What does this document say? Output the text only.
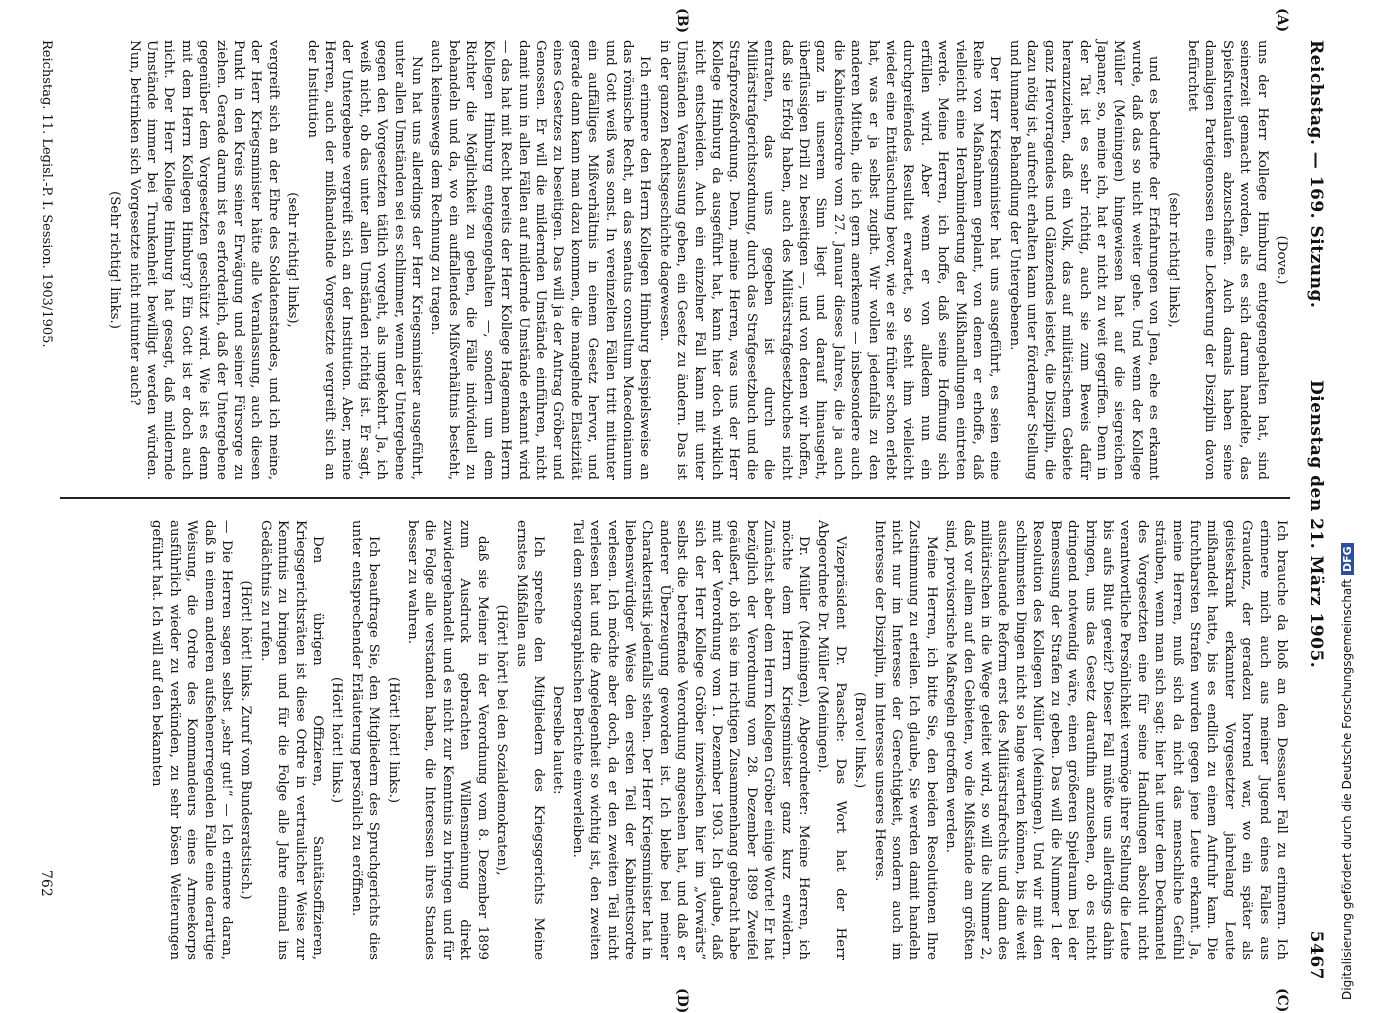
Reichstag. — 169. Sitzung.
Dienstag den 21. März 1905.
5467
(A)
(B)
(C)
(D)

(Dove.)

uns der Herr Kollege Himburg entgegengehalten hat, sind seinerzeit gemacht worden, als es sich darum handelte, das Spießrutenlaufen abzuschaffen. Auch damals haben seine damaligen Parteigenossen eine Lockerung der Disziplin davon befürchtet

(sehr richtig! links),

und es bedurfte der Erfahrungen von Jena, ehe es erkannt wurde, daß das so nicht weiter gehe. Und wenn der Kollege Müller (Meiningen) hingewiesen hat auf die siegreichen Japaner, so, meine ich, hat er nicht zu weit gegriffen. Denn in der Tat ist es sehr richtig, auch sie zum Beweis dafür heranzuziehen, daß ein Volk, das auf militärischem Gebiete ganz Hervorragendes und Glänzendes leistet, die Disziplin, die dazu nötig ist, aufrecht erhalten kann unter fördernder Stellung und humaner Behandlung der Untergebenen.

Der Herr Kriegsminister hat uns ausgeführt, es seien eine Reihe von Maßnahmen geplant, von denen er erhoffe, daß vielleicht eine Herabminderung der Mißhandlungen eintreten werde. Meine Herren, ich hoffe, daß seine Hoffnung sich erfüllen wird. Aber wenn er von alledem nun ein durchgreifendes Resultat erwartet, so steht ihm vielleicht wieder eine Enttäuschung bevor, wie er sie früher schon erlebt hat, was er ja selbst zugibt. Wir wollen jedenfalls zu den anderen Mitteln, die ich gern anerkenne — insbesondere auch die Kabinettsordre vom 27. Januar dieses Jahres, die ja auch ganz in unserem Sinn liegt und darauf hinausgeht, überflüssigen Drill zu beseitigen —, und von denen wir hoffen, daß sie Erfolg haben, auch des Militärstrafgesetzbuches nicht entraten, das uns gegeben ist durch die Militärstrafgerichtsordnung, durch das Strafgesetzbuch und die Strafprozeßordnung. Denn, meine Herren, was uns der Herr Kollege Himburg da ausgeführt hat, kann hier doch wirklich nicht entscheiden. Auch ein einzelner Fall kann mit unter Umständen Veranlassung geben, ein Gesetz zu ändern. Das ist in der ganzen Rechtsgeschichte dagewesen.

Ich erinnere den Herrn Kollegen Himburg beispielsweise an das römische Recht, an das senatus consultum Macedonianum und Gott weiß was sonst. In vereinzelten Fällen tritt mitunter ein auffälliges Mißverhältnis in einem Gesetz hervor, und gerade dann kann man dazu kommen, die mangelnde Elastizität eines Gesetzes zu beseitigen. Das will ja der Antrag Gröber und Genossen. Er will die mildernden Umstände einführen, nicht damit nun in allen Fällen auf mildernde Umstände erkannt wird — das hat mit Recht bereits der Herr Kollege Hagemann Herrn Kollegen Himburg entgegengehalten —, sondern um dem Richter die Möglichkeit zu geben, die Fälle individuell zu behandeln und da, wo ein auffallendes Mißverhältnis besteht, auch keineswegs dem Rechnung zu tragen.

Nun hat uns allerdings der Herr Kriegsminister ausgeführt, unter allen Umständen sei es schlimmer, wenn der Untergebene gegen den Vorgesetzten tätlich vorgeht, als umgekehrt. Ja, ich weiß nicht, ob das unter allen Umständen richtig ist. Er sagt, der Untergebene vergreift sich an der Institution. Aber, meine Herren, auch der mißhandelnde Vorgesetzte vergreift sich an der Institution

(sehr richtig! links),

vergreift sich an der Ehre des Soldatenstandes, und ich meine, der Herr Kriegsminister hätte alle Veranlassung, auch diesen Punkt in den Kreis seiner Erwägung und seiner Fürsorge zu ziehen. Gerade darum ist es erforderlich, daß der Untergebene gegenüber dem Vorgesetzten geschützt wird. Wie ist es denn mit dem Herrn Kollegen Himburg? Ein Gott ist er doch auch nicht. Der Herr Kollege Himburg hat gesagt, daß mildernde Umstände immer bei Trunkenheit bewilligt werden würden. Nun, betrinken sich Vorgesetzte nicht mitunter auch?

(Sehr richtig! links.)

Ich brauche da bloß an den Dessauer Fall zu erinnern. Ich erinnere mich auch aus meiner Jugend eines Falles aus Graudenz, der geradezu horrend war, wo ein später als geisteskrank erkannter Vorgesetzter jahrelang Leute mißhandelt hatte, bis es endlich zu einem Aufruhr kam. Die furchtbarsten Strafen wurden gegen jene Leute erkannt. Ja, meine Herren, muß sich da nicht das menschliche Gefühl sträuben, wenn man sich sagt: hier hat unter dem Deckmantel des Vorgesetzten eine für seine Handlungen absolut nicht verantwortliche Persönlichkeit vermöge ihrer Stellung die Leute bis aufs Blut gereizt? Dieser Fall müßte uns allerdings dahin bringen, uns das Gesetz daraufhin anzusehen, ob es nicht dringend notwendig wäre, einen größeren Spielraum bei der Bemessung der Strafen zu geben. Das will die Nummer 1 der Resolution des Kollegen Müller (Meiningen). Und wir mit den schlimmsten Dingen nicht so lange warten können, bis die weit ausschauende Reform erst des Militärstrafrechts und dann des militärischen in die Wege geleitet wird, so will die Nummer 2, daß vor allem auf den Gebieten, wo die Mißstände am größten sind, provisorische Maßregeln getroffen werden.

Meine Herren, ich bitte Sie, den beiden Resolutionen Ihre Zustimmung zu erteilen. Ich glaube, Sie werden damit handeln nicht nur im Interesse der Gerechtigkeit, sondern auch im Interesse der Disziplin, im Interesse unseres Heeres.

(Bravo! links.)

Vizepräsident Dr. Paasche: Das Wort hat der Herr Abgeordnete Dr. Müller (Meiningen).

Dr. Müller (Meiningen), Abgeordneter: Meine Herren, ich möchte dem Herrn Kriegsminister ganz kurz erwidern. Zunächst aber dem Herrn Kollegen Gröber einige Worte! Er hat bezüglich der Verordnung vom 28. Dezember 1899 Zweifel geäußert, ob ich sie im richtigen Zusammenhang gebracht habe mit der Verordnung vom 1. Dezember 1903. Ich glaube, daß sich der Herr Kollege Gröber inzwischen hier im „Vorwärts“ selbst die betreffende Verordnung angesehen hat, und daß er anderer Überzeugung geworden ist. Ich bleibe bei meiner Charakteristik jedenfalls stehen. Der Herr Kriegsminister hat in liebenswürdiger Weise den ersten Teil der Kabinettsordre verlesen. Ich möchte aber doch, da er den zweiten Teil nicht verlesen hat und die Angelegenheit so wichtig ist, den zweiten Teil dem stenographischen Berichte einverleiben.

Derselbe lautet:

Ich spreche den Mitgliedern des Kriegsgerichts Meine ernstes Mißfallen aus

(Hört! hört! bei den Sozialdemokraten),

daß sie Meiner in der Verordnung vom 8. Dezember 1899 zum Ausdruck gebrachten Willensmeinung direkt zuwidergehandelt und es nicht zur Kenntnis zu bringen und für die Folge alle verstanden haben, die Interessen ihres Standes besser zu wahren.

(Hört! hört! links.)

Ich beauftrage Sie, den Mitgliedern des Spruchgerichts dies unter entsprechender Erläuterung persönlich zu eröffnen.

(Hört! hört! links.)

Den übrigen Offizieren, Sanitätsoffizieren, Kriegsgerichtsräten ist diese Ordre in vertraulicher Weise zur Kenntnis zu bringen und für die Folge alle Jahre einmal ins Gedächtnis zu rufen.

(Hört! hört! links. Zuruf vom Bundesratstisch.)

— Die Herren sagen selbst „sehr gut!“ — Ich erinnere daran, daß in einem anderen aufsehenerregenden Falle eine derartige Weisung, die Ordre des Kommandeurs eines Armeekorps ausführlich wieder zu verkünden, zu sehr bösen Weiterungen geführt hat. Ich will auf den bekannten

Reichstag. 11. Legisl.-P. I. Session. 1903/1905.
762	Digitalisierung gefördert durch die Deutsche ForschungsgemeinschaftDFG
